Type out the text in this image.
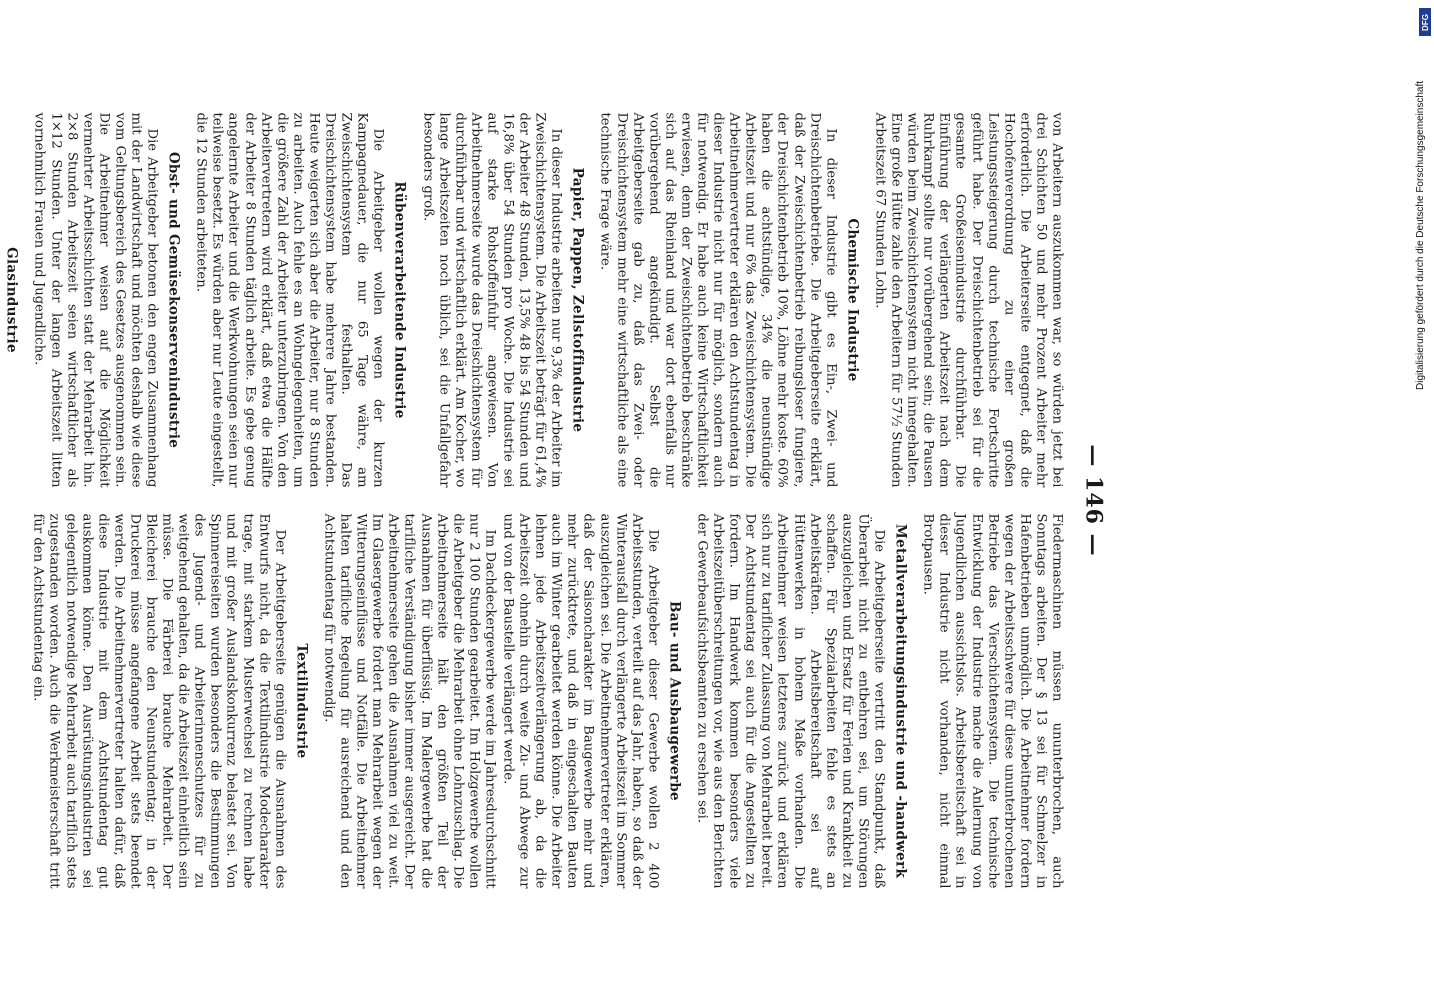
— 146 —

von Arbeitern auszukommen war, so würden jetzt bei drei Schichten 50 und mehr Prozent Arbeiter mehr erforderlich. Die Arbeiterseite entgegnet, daß die Hochofenverordnung zu einer großen Leistungssteigerung durch technische Fortschritte geführt habe. Der Dreischichtenbetrieb sei für die gesamte Großeisenindustrie durchführbar. Die Einführung der verlängerten Arbeitszeit nach dem Ruhrkampf sollte nur vorübergehend sein; die Pausen würden beim Zweischichtensystem nicht innegehalten. Eine große Hütte zahle den Arbeitern für 57½ Stunden Arbeitszeit 67 Stunden Lohn.

Chemische Industrie

In dieser Industrie gibt es Ein-, Zwei- und Dreischichtenbetriebe. Die Arbeitgeberseite erklärt, daß der Zweischichtenbetrieb reibungsloser fungiere, der Dreischichtenbetrieb 10%, Löhne mehr koste. 60% haben die achtstündige, 34% die neunstündige Arbeitszeit und nur 6% das Zweischichtensystem. Die Arbeitnehmervertreter erklären den Achtstundentag in dieser Industrie nicht nur für möglich, sondern auch für notwendig. Er habe auch keine Wirtschaftlichkeit erwiesen, denn der Zweischichtenbetrieb beschränke sich auf das Rheinland und war dort ebenfalls nur vorübergehend angekündigt. Selbst die Arbeitgeberseite gab zu, daß das Zwei- oder Dreischichtensystem mehr eine wirtschaftliche als eine technische Frage wäre.

Papier, Pappen, Zellstoffindustrie

In dieser Industrie arbeiten nur 9,3% der Arbeiter im Zweischichtensystem. Die Arbeitszeit beträgt für 61,4% der Arbeiter 48 Stunden, 13,5% 48 bis 54 Stunden und 16,8% über 54 Stunden pro Woche. Die Industrie sei auf starke Rohstoffeinfuhr angewiesen. Von Arbeitnehmerseite wurde das Dreischichtensystem für durchführbar und wirtschaftlich erklärt. Am Kocher, wo lange Arbeitszeiten noch üblich, sei die Unfallgefahr besonders groß.

Rübenverarbeitende Industrie

Die Arbeitgeber wollen wegen der kurzen Kampagnedauer, die nur 65 Tage währe, am Zweischichtensystem festhalten. Das Dreischichtensystem habe mehrere Jahre bestanden. Heute weigerten sich aber die Arbeiter, nur 8 Stunden zu arbeiten. Auch fehle es an Wohngelegenheiten, um die größere Zahl der Arbeiter unterzubringen. Von den Arbeitervertretern wird erklärt, daß etwa die Hälfte der Arbeiter 8 Stunden täglich arbeite. Es gebe genug angelernte Arbeiter und die Werkwohnungen seien nur teilweise besetzt. Es würden aber nur Leute eingestellt, die 12 Stunden arbeiteten.

Obst- und Gemüsekonservenindustrie

Die Arbeitgeber betonen den engen Zusammenhang mit der Landwirtschaft und möchten deshalb wie diese vom Geltungsbereich des Gesetzes ausgenommen sein. Die Arbeitnehmer weisen auf die Möglichkeit vermehrter Arbeitsschichten statt der Mehrarbeit hin. 2×8 Stunden Arbeitszeit seien wirtschaftlicher als 1×12 Stunden. Unter der langen Arbeitszeit litten vornehmlich Frauen und Jugendliche.

Glasindustrie

Fiedermaschinen müssen ununterbrochen, auch Sonntags arbeiten. Der § 13 sei für Schmelzer in Hafenbetrieben unmöglich. Die Arbeitnehmer fordern wegen der Arbeitsschwere für diese ununterbrochenen Betriebe das Vierschichtensystem. Die technische Entwicklung der Industrie mache die Anlernung von Jugendlichen aussichtslos. Arbeitsbereitschaft sei in dieser Industrie nicht vorhanden, nicht einmal Brotpausen.

Metallverarbeitungsindustrie und -handwerk

Die Arbeitgeberseite vertritt den Standpunkt, daß Überarbeit nicht zu entbehren sei, um Störungen auszugleichen und Ersatz für Ferien und Krankheit zu schaffen. Für Spezialarbeiten fehle es stets an Arbeitskräften. Arbeitsbereitschaft sei auf Hüttenwerken in hohem Maße vorhanden. Die Arbeitnehmer weisen letzteres zurück und erklären sich nur zu tariflicher Zulassung von Mehrarbeit bereit. Der Achtstundentag sei auch für die Angestellten zu fordern. Im Handwerk kommen besonders viele Arbeitszeitüberschreitungen vor, wie aus den Berichten der Gewerbeaufsichtsbeamten zu ersehen sei.

Bau- und Ausbaugewerbe

Die Arbeitgeber dieser Gewerbe wollen 2 400 Arbeitsstunden, verteilt auf das Jahr, haben, so daß der Winterausfall durch verlängerte Arbeitszeit im Sommer auszugleichen sei. Die Arbeitnehmervertreter erklären, daß der Saisoncharakter im Baugewerbe mehr und mehr zurücktrete, und daß in eingeschalten Bauten auch im Winter gearbeitet werden könne. Die Arbeiter lehnen jede Arbeitszeitverlängerung ab, da die Arbeitszeit ohnehin durch weite Zu- und Abwege zur und von der Baustelle verlängert werde.

Im Dachdeckergewerbe werde im Jahresdurchschnitt nur 2 100 Stunden gearbeitet. Im Holzgewerbe wollen die Arbeitgeber die Mehrarbeit ohne Lohnzuschlag. Die Arbeitnehmerseite hält den größten Teil der Ausnahmen für überflüssig. Im Malergewerbe hat die tarifliche Verständigung bisher immer ausgereicht. Der Arbeitnehmerseite gehen die Ausnahmen viel zu weit. Im Glasergewerbe fordert man Mehrarbeit wegen der Witterungseinflüsse und Notfälle. Die Arbeitnehmer halten tarifliche Regelung für ausreichend und den Achtstundentag für notwendig.

Textilindustrie

Der Arbeitgeberseite genügen die Ausnahmen des Entwurfs nicht, da die Textilindustrie Modecharakter trage, mit starkem Musterwechsel zu rechnen habe und mit großer Auslandskonkurrenz belastet sei. Von Spinnereiseiten wurden besonders die Bestimmungen des Jugend- und Arbeiterinnenschutzes für zu weitgehend gehalten, da die Arbeitszeit einheitlich sein müsse. Die Färberei brauche Mehrarbeit. Der Bleicherei brauche den Neunstundentag; in der Druckerei müsse angefangene Arbeit stets beendet werden. Die Arbeitnehmervertreter halten dafür, daß diese Industrie mit dem Achtstundentag gut auskommen könne. Den Ausrüstungsindustrien sei gelegentlich notwendige Mehrarbeit auch tariflich stets zugestanden worden. Auch die Werkmeisterschaft tritt für den Achtstundentag ein.

Digitalisierung gefördert durch die Deutsche Forschungsgemeinschaft
DFG
